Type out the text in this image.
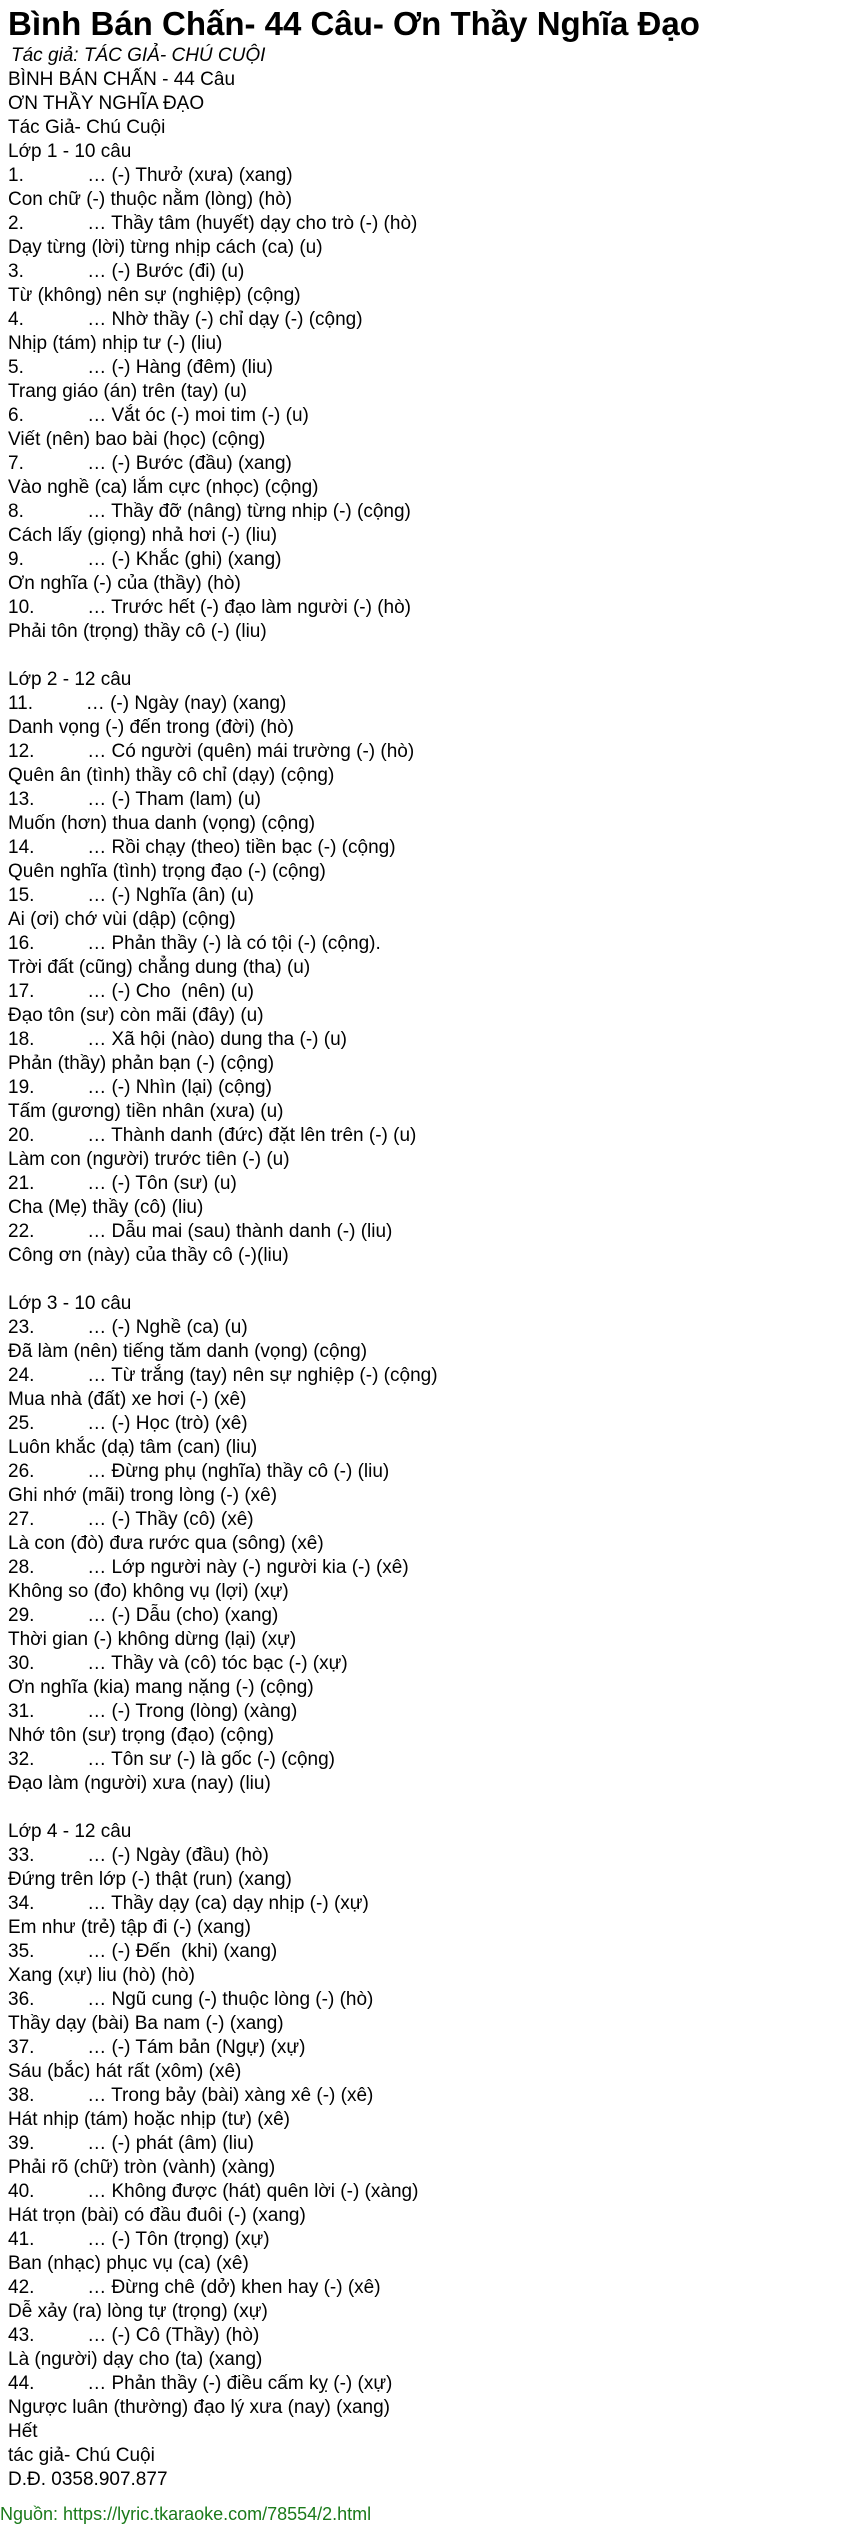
Bình Bán Chấn- 44 Câu- Ơn Thầy Nghĩa Đạo

Tác giả: TÁC GIẢ- CHÚ CUỘI

BÌNH BÁN CHẤN - 44 Câu
ƠN THẦY NGHĨA ĐẠO
Tác Giả- Chú Cuội
Lớp 1 - 10 câu
1.            … (-) Thưở (xưa) (xang)
Con chữ (-) thuộc nằm (lòng) (hò)
2.            … Thầy tâm (huyết) dạy cho trò (-) (hò)
Dạy từng (lời) từng nhịp cách (ca) (u)
3.            … (-) Bước (đi) (u)
Từ (không) nên sự (nghiệp) (cộng)
4.            … Nhờ thầy (-) chỉ dạy (-) (cộng)
Nhịp (tám) nhịp tư (-) (liu)
5.            … (-) Hàng (đêm) (liu)
Trang giáo (án) trên (tay) (u)
6.            … Vắt óc (-) moi tim (-) (u)
Viết (nên) bao bài (học) (cộng)
7.            … (-) Bước (đầu) (xang)
Vào nghề (ca) lắm cực (nhọc) (cộng)
8.            … Thầy đỡ (nâng) từng nhịp (-) (cộng)
Cách lấy (giọng) nhả hơi (-) (liu)
9.            … (-) Khắc (ghi) (xang)
Ơn nghĩa (-) của (thầy) (hò)
10.          … Trước hết (-) đạo làm người (-) (hò)
Phải tôn (trọng) thầy cô (-) (liu)
Lớp 2 - 12 câu
11.          … (-) Ngày (nay) (xang)
Danh vọng (-) đến trong (đời) (hò)
12.          … Có người (quên) mái trường (-) (hò)
Quên ân (tình) thầy cô chỉ (dạy) (cộng)
13.          … (-) Tham (lam) (u)
Muốn (hơn) thua danh (vọng) (cộng)
14.          … Rồi chạy (theo) tiền bạc (-) (cộng)
Quên nghĩa (tình) trọng đạo (-) (cộng)
15.          … (-) Nghĩa (ân) (u)
Ai (ơi) chớ vùi (dập) (cộng)
16.          … Phản thầy (-) là có tội (-) (cộng).
Trời đất (cũng) chẳng dung (tha) (u)
17.          … (-) Cho  (nên) (u)
Đạo tôn (sư) còn mãi (đây) (u)
18.          … Xã hội (nào) dung tha (-) (u)
Phản (thầy) phản bạn (-) (cộng)
19.          … (-) Nhìn (lại) (cộng)
Tấm (gương) tiền nhân (xưa) (u)
20.          … Thành danh (đức) đặt lên trên (-) (u)
Làm con (người) trước tiên (-) (u)
21.          … (-) Tôn (sư) (u)
Cha (Mẹ) thầy (cô) (liu)
22.          … Dẫu mai (sau) thành danh (-) (liu)
Công ơn (này) của thầy cô (-)(liu)
Lớp 3 - 10 câu
23.          … (-) Nghề (ca) (u)
Đã làm (nên) tiếng tăm danh (vọng) (cộng)
24.          … Từ trắng (tay) nên sự nghiệp (-) (cộng)
Mua nhà (đất) xe hơi (-) (xê)
25.          … (-) Học (trò) (xê)
Luôn khắc (dạ) tâm (can) (liu)
26.          … Đừng phụ (nghĩa) thầy cô (-) (liu)
Ghi nhớ (mãi) trong lòng (-) (xê)
27.          … (-) Thầy (cô) (xê)
Là con (đò) đưa rước qua (sông) (xê)
28.          … Lớp người này (-) người kia (-) (xê)
Không so (đo) không vụ (lợi) (xự)
29.          … (-) Dẫu (cho) (xang)
Thời gian (-) không dừng (lại) (xự)
30.          … Thầy và (cô) tóc bạc (-) (xự)
Ơn nghĩa (kia) mang nặng (-) (cộng)
31.          … (-) Trong (lòng) (xàng)
Nhớ tôn (sư) trọng (đạo) (cộng)
32.          … Tôn sư (-) là gốc (-) (cộng)
Đạo làm (người) xưa (nay) (liu)
Lớp 4 - 12 câu
33.          … (-) Ngày (đầu) (hò)
Đứng trên lớp (-) thật (run) (xang)
34.          … Thầy dạy (ca) dạy nhịp (-) (xự)
Em như (trẻ) tập đi (-) (xang)
35.          … (-) Đến  (khi) (xang)
Xang (xự) liu (hò) (hò)
36.          … Ngũ cung (-) thuộc lòng (-) (hò)
Thầy dạy (bài) Ba nam (-) (xang)
37.          … (-) Tám bản (Ngự) (xự)
Sáu (bắc) hát rất (xôm) (xê)
38.          … Trong bảy (bài) xàng xê (-) (xê)
Hát nhịp (tám) hoặc nhịp (tư) (xê)
39.          … (-) phát (âm) (liu)
Phải rõ (chữ) tròn (vành) (xàng)
40.          … Không được (hát) quên lời (-) (xàng)
Hát trọn (bài) có đầu đuôi (-) (xang)
41.          … (-) Tôn (trọng) (xự)
Ban (nhạc) phục vụ (ca) (xê)
42.          … Đừng chê (dở) khen hay (-) (xê)
Dễ xảy (ra) lòng tự (trọng) (xự)
43.          … (-) Cô (Thầy) (hò)
Là (người) dạy cho (ta) (xang)
44.          … Phản thầy (-) điều cấm kỵ (-) (xự)
Ngược luân (thường) đạo lý xưa (nay) (xang)
Hết
tác giả- Chú Cuội
D.Đ. 0358.907.877
Nguồn: https://lyric.tkaraoke.com/78554/2.html
